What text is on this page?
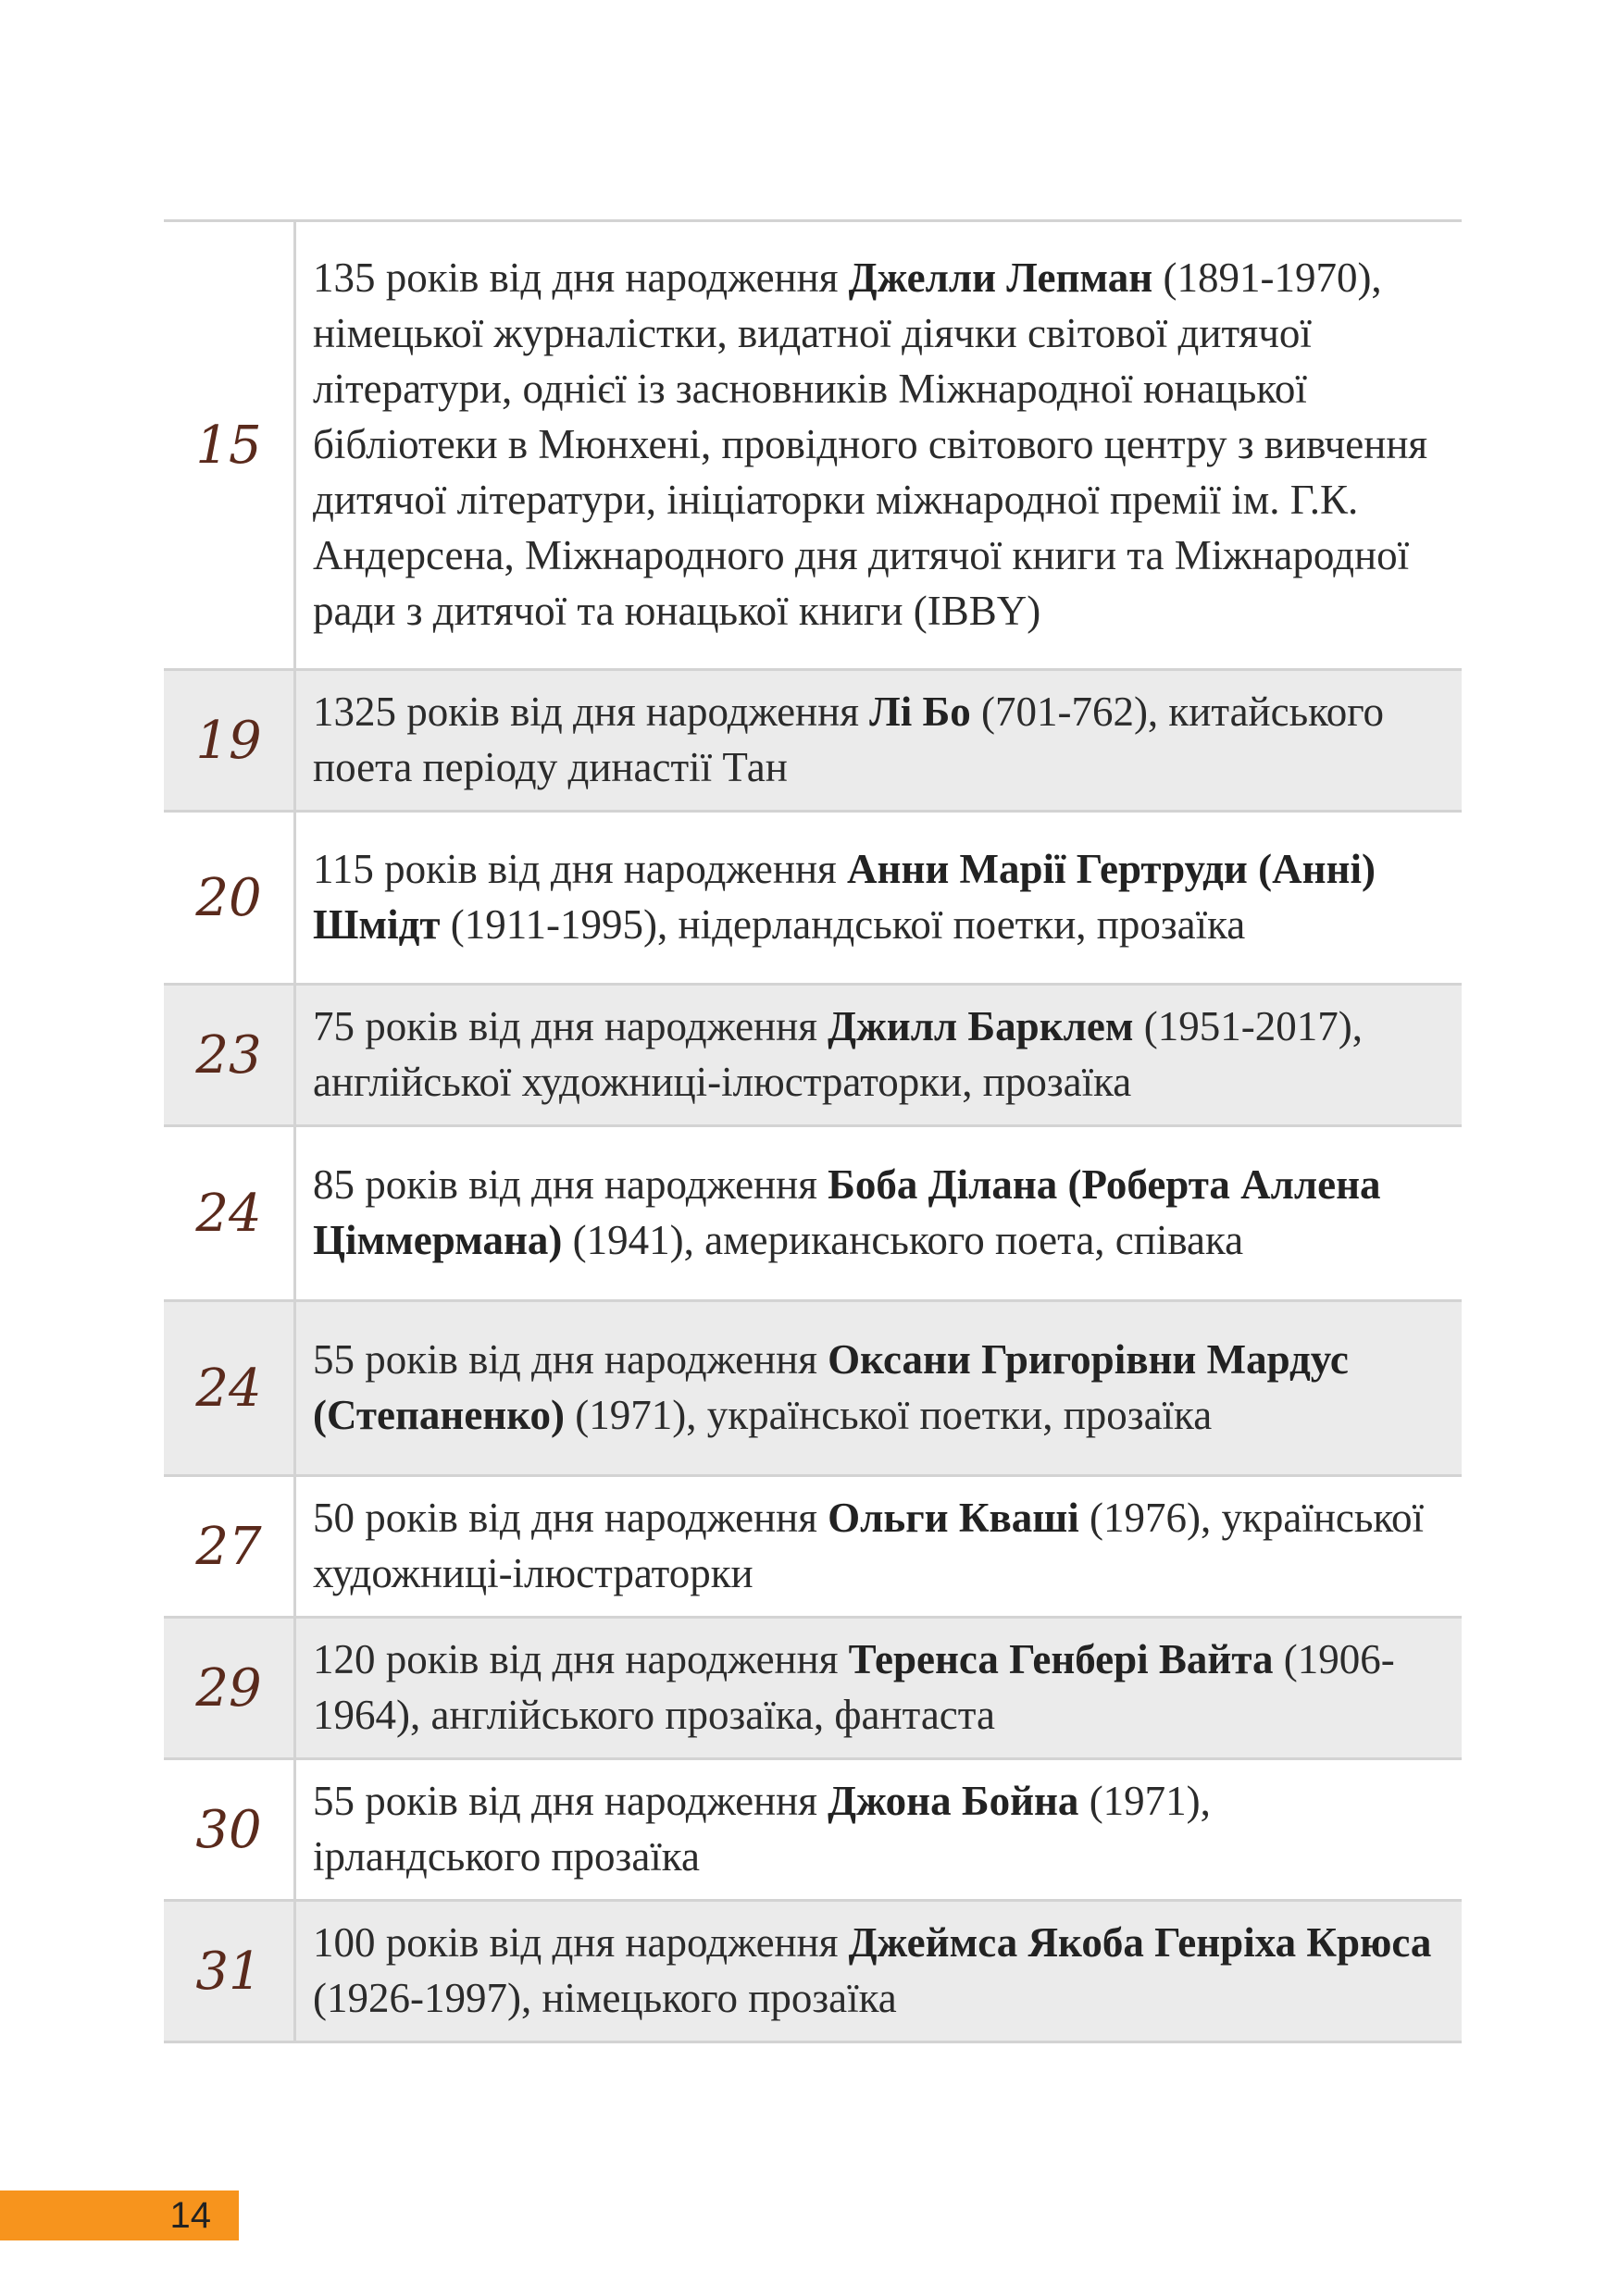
15	135 років від дня народження Джелли Лепман (1891-1970), німецької журналістки, видатної діячки світової дитячої літератури, однієї із засновників Міжнародної юнацької бібліотеки в Мюнхені, провідного світового центру з вивчення дитячої літератури, ініціаторки міжнародної премії ім. Г.К. Андерсена, Міжнародного дня дитячої книги та Міжнародної ради з дитячої та юнацької книги (IBBY)
19	1325 років від дня народження Лі Бо (701-762), китайського поета періоду династії Тан
20	115 років від дня народження Анни Марії Гертруди (Анні) Шмідт (1911-1995), нідерландської поетки, прозаїка
23	75 років від дня народження Джилл Барклем (1951-2017), англійської художниці-ілюстраторки, прозаїка
24	85 років від дня народження Боба Ділана (Роберта Аллена Ціммермана) (1941), американського поета, співака
24	55 років від дня народження Оксани Григорівни Мардус (Степаненко) (1971), української поетки, прозаїка
27	50 років від дня народження Ольги Кваші (1976), української художниці-ілюстраторки
29	120 років від дня народження Теренса Генбері Вайта (1906-1964), англійського прозаїка, фантаста
30	55 років від дня народження Джона Бойна (1971), ірландського прозаїка
31	100 років від дня народження Джеймса Якоба Генріха Крюса (1926-1997), німецького прозаїка
14
